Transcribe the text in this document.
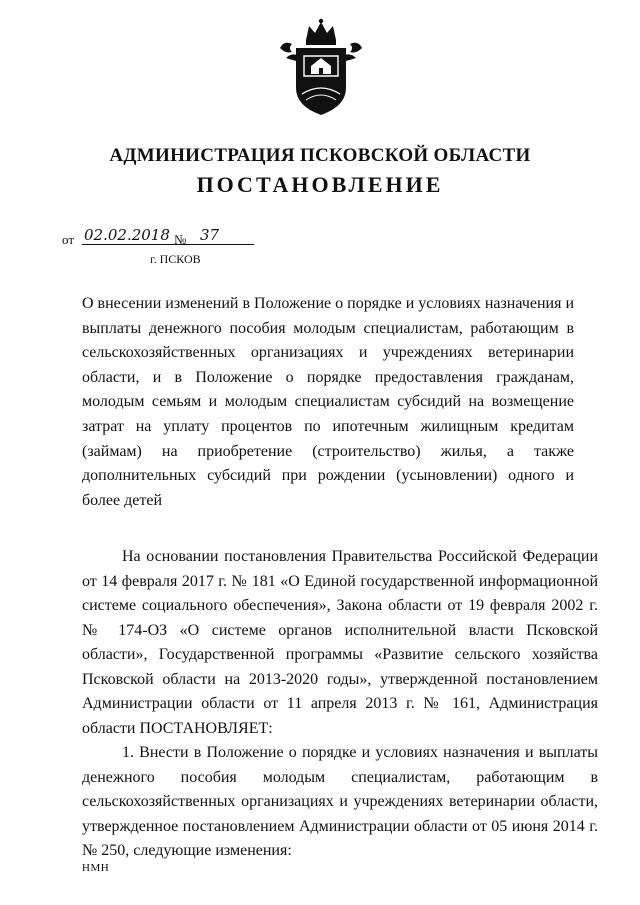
АДМИНИСТРАЦИЯ ПСКОВСКОЙ ОБЛАСТИ
ПОСТАНОВЛЕНИЕ
от 02.02.2018 № 37
г. ПСКОВ

О внесении изменений в Положение о порядке и условиях назначения и выплаты денежного пособия молодым специалистам, работающим в сельскохозяйственных организациях и учреждениях ветеринарии области, и в Положение о порядке предоставления гражданам, молодым семьям и молодым специалистам субсидий на возмещение затрат на уплату процентов по ипотечным жилищным кредитам (займам) на приобретение (строительство) жилья, а также дополнительных субсидий при рождении (усыновлении) одного и более детей

На основании постановления Правительства Российской Федерации от 14 февраля 2017 г. № 181 «О Единой государственной информационной системе социального обеспечения», Закона области от 19 февраля 2002 г. № 174-ОЗ «О системе органов исполнительной власти Псковской области», Государственной программы «Развитие сельского хозяйства Псковской области на 2013-2020 годы», утвержденной постановлением Администрации области от 11 апреля 2013 г. № 161, Администрация области ПОСТАНОВЛЯЕТ:

1. Внести в Положение о порядке и условиях назначения и выплаты денежного пособия молодым специалистам, работающим в сельскохозяйственных организациях и учреждениях ветеринарии области, утвержденное постановлением Администрации области от 05 июня 2014 г. № 250, следующие изменения:

НМН
